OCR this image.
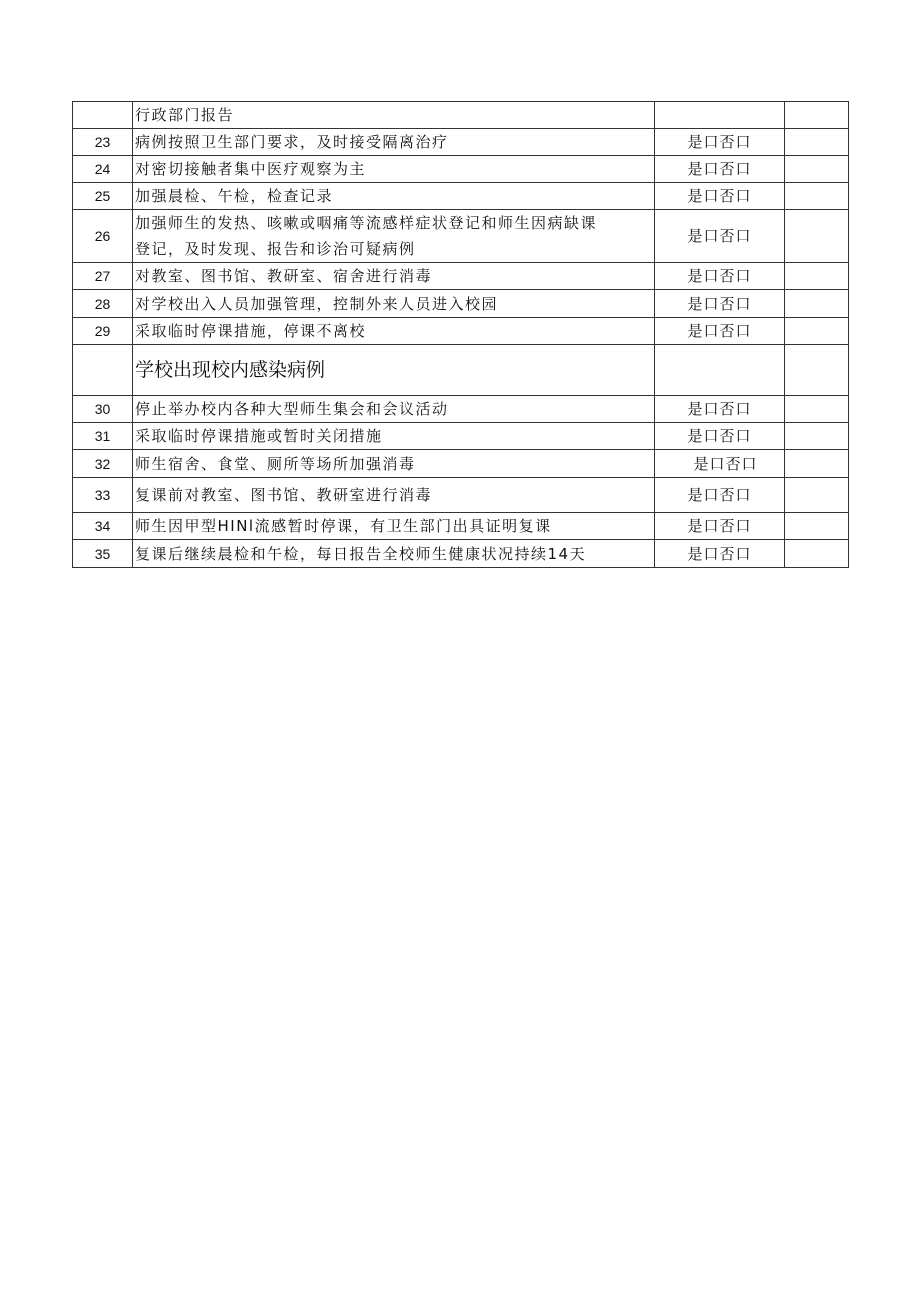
	行政部门报告		
23	病例按照卫生部门要求，及时接受隔离治疗	是口否口	
24	对密切接触者集中医疗观察为主	是口否口	
25	加强晨检、午检，检查记录	是口否口	
26	加强师生的发热、咳嗽或咽痛等流感样症状登记和师生因病缺课
登记，及时发现、报告和诊治可疑病例	是口否口	
27	对教室、图书馆、教研室、宿舍进行消毒	是口否口	
28	对学校出入人员加强管理，控制外来人员进入校园	是口否口	
29	采取临时停课措施，停课不离校	是口否口	
	学校出现校内感染病例		
30	停止举办校内各种大型师生集会和会议活动	是口否口	
31	采取临时停课措施或暂时关闭措施	是口否口	
32	师生宿舍、食堂、厕所等场所加强消毒	是口否口	
33	复课前对教室、图书馆、教研室进行消毒	是口否口	
34	师生因甲型HINl流感暂时停课，有卫生部门出具证明复课	是口否口	
35	复课后继续晨检和午检，每日报告全校师生健康状况持续14天	是口否口	
